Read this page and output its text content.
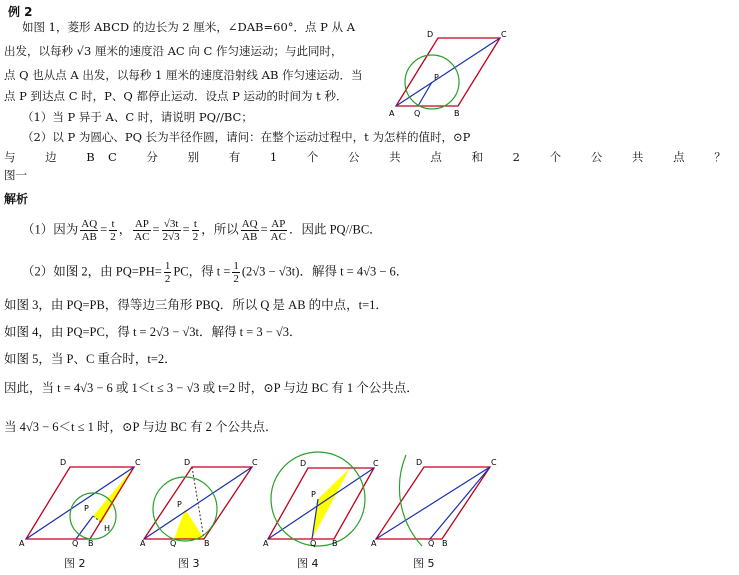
例 2
如图 1，菱形 ABCD 的边长为 2 厘米，∠DAB=60°．点 P 从 A
出发，以每秒 √3 厘米的速度沿 AC 向 C 作匀速运动；与此同时，
点 Q 也从点 A 出发，以每秒 1 厘米的速度沿射线 AB 作匀速运动．当
点 P 到达点 C 时，P、Q 都停止运动．设点 P 运动的时间为 t 秒．
（1）当 P 异于 A、C 时，请说明 PQ//BC；
（2）以 P 为圆心、PQ 长为半径作圆，请问：在整个运动过程中，t 为怎样的值时，⊙P
与 边 BC 分 别 有 1 个 公 共 点 和 2 个 公 共 点 ？
图一
A	B
C
D
P
Q
解析
（1）因为 $\frac{AQ}{AB} = \frac{t}{2}$ ， $\frac{AP}{AC} = \frac{√3t}{2√3} = \frac{t}{2}$ ，所以 $\frac{AQ}{AB} = \frac{AP}{AC}$ ．因此 PQ//BC．
（2）如图 2，由 $PQ=PH= \frac{1}{2}$ PC，得 $t = \frac{1}{2} (2√3 - √3t)$．解得 t = 4√3 − 6．
如图 3，由 PQ=PB，得等边三角形 PBQ．所以 Q 是 AB 的中点，t=1．
如图 4，由 PQ=PC，得 t = 2√3 − √3t．解得 t = 3 − √3．
如图 5，当 P、C 重合时，t=2．
因此，当 t = 4√3 − 6 或 1＜t ≤ 3 − √3 或 t=2 时，⊙P 与边 BC 有 1 个公共点．
当 4√3 − 6＜t ≤ 1 时，⊙P 与边 BC 有 2 个公共点．
A	B
C
D
P
Q
H
A	B
C
D
P
Q	A	B
C
D
P
Q	A	B
C
D
Q
图 2	图 3	图 4	图 5
